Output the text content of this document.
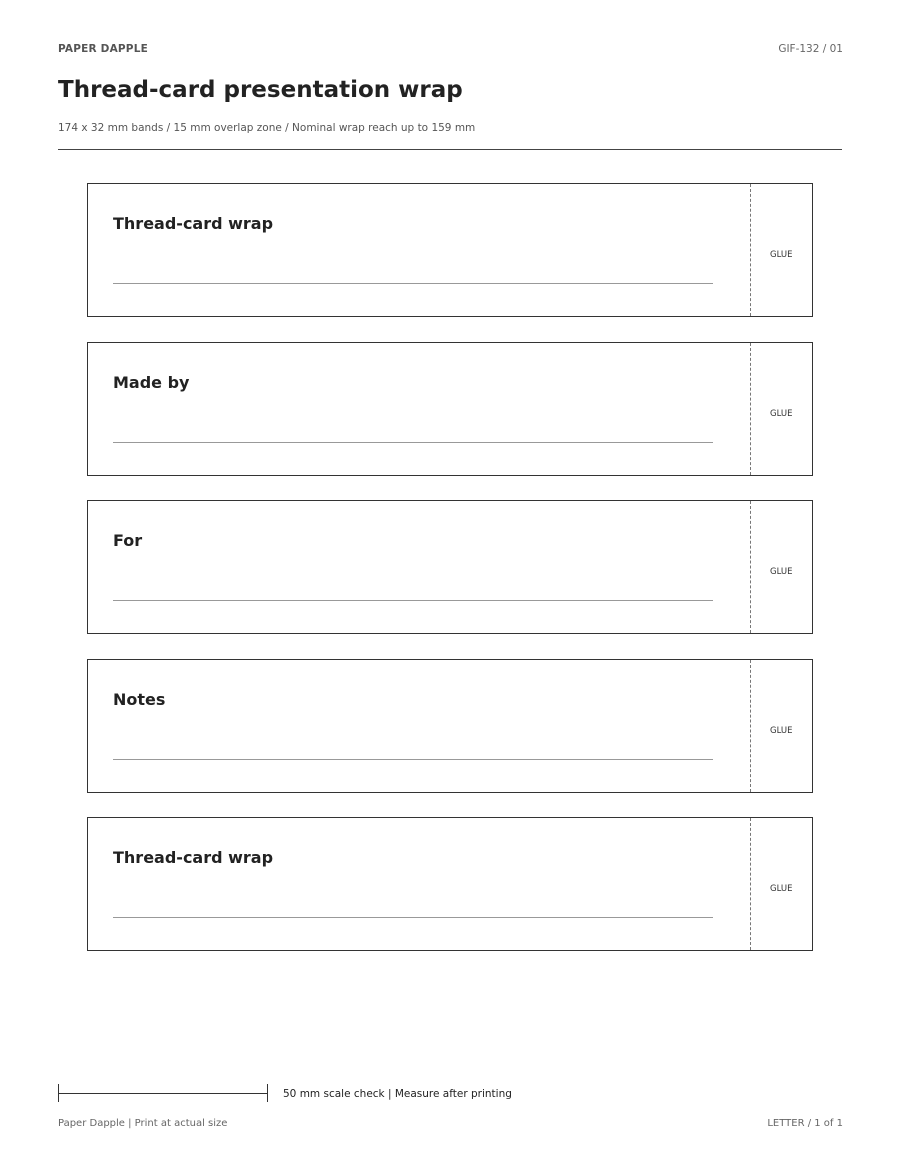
PAPER DAPPLE	GIF-132 / 01
Thread-card presentation wrap
174 x 32 mm bands / 15 mm overlap zone / Nominal wrap reach up to 159 mm
Thread-card wrap
GLUE
Made by
GLUE
For
GLUE
Notes
GLUE
Thread-card wrap
GLUE
50 mm scale check | Measure after printing
Paper Dapple | Print at actual size	LETTER / 1 of 1
